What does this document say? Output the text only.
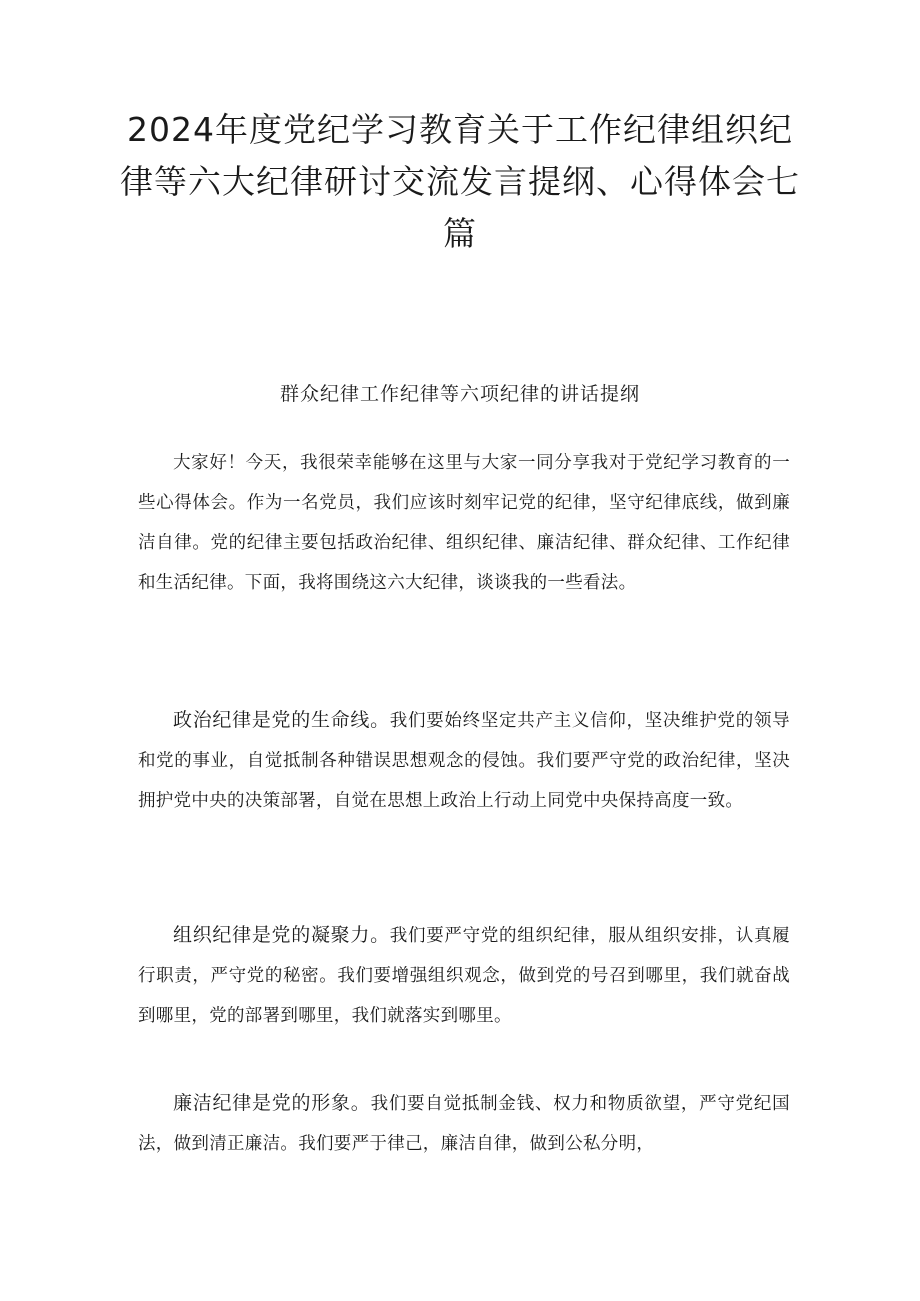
2024年度党纪学习教育关于工作纪律组织纪律等六大纪律研讨交流发言提纲、心得体会七篇
群众纪律工作纪律等六项纪律的讲话提纲

大家好！今天，我很荣幸能够在这里与大家一同分享我对于党纪学习教育的一些心得体会。作为一名党员，我们应该时刻牢记党的纪律，坚守纪律底线，做到廉洁自律。党的纪律主要包括政治纪律、组织纪律、廉洁纪律、群众纪律、工作纪律和生活纪律。下面，我将围绕这六大纪律，谈谈我的一些看法。

政治纪律是党的生命线。我们要始终坚定共产主义信仰，坚决维护党的领导和党的事业，自觉抵制各种错误思想观念的侵蚀。我们要严守党的政治纪律，坚决拥护党中央的决策部署，自觉在思想上政治上行动上同党中央保持高度一致。

组织纪律是党的凝聚力。我们要严守党的组织纪律，服从组织安排，认真履行职责，严守党的秘密。我们要增强组织观念，做到党的号召到哪里，我们就奋战到哪里，党的部署到哪里，我们就落实到哪里。

廉洁纪律是党的形象。我们要自觉抵制金钱、权力和物质欲望，严守党纪国法，做到清正廉洁。我们要严于律己，廉洁自律，做到公私分明，
